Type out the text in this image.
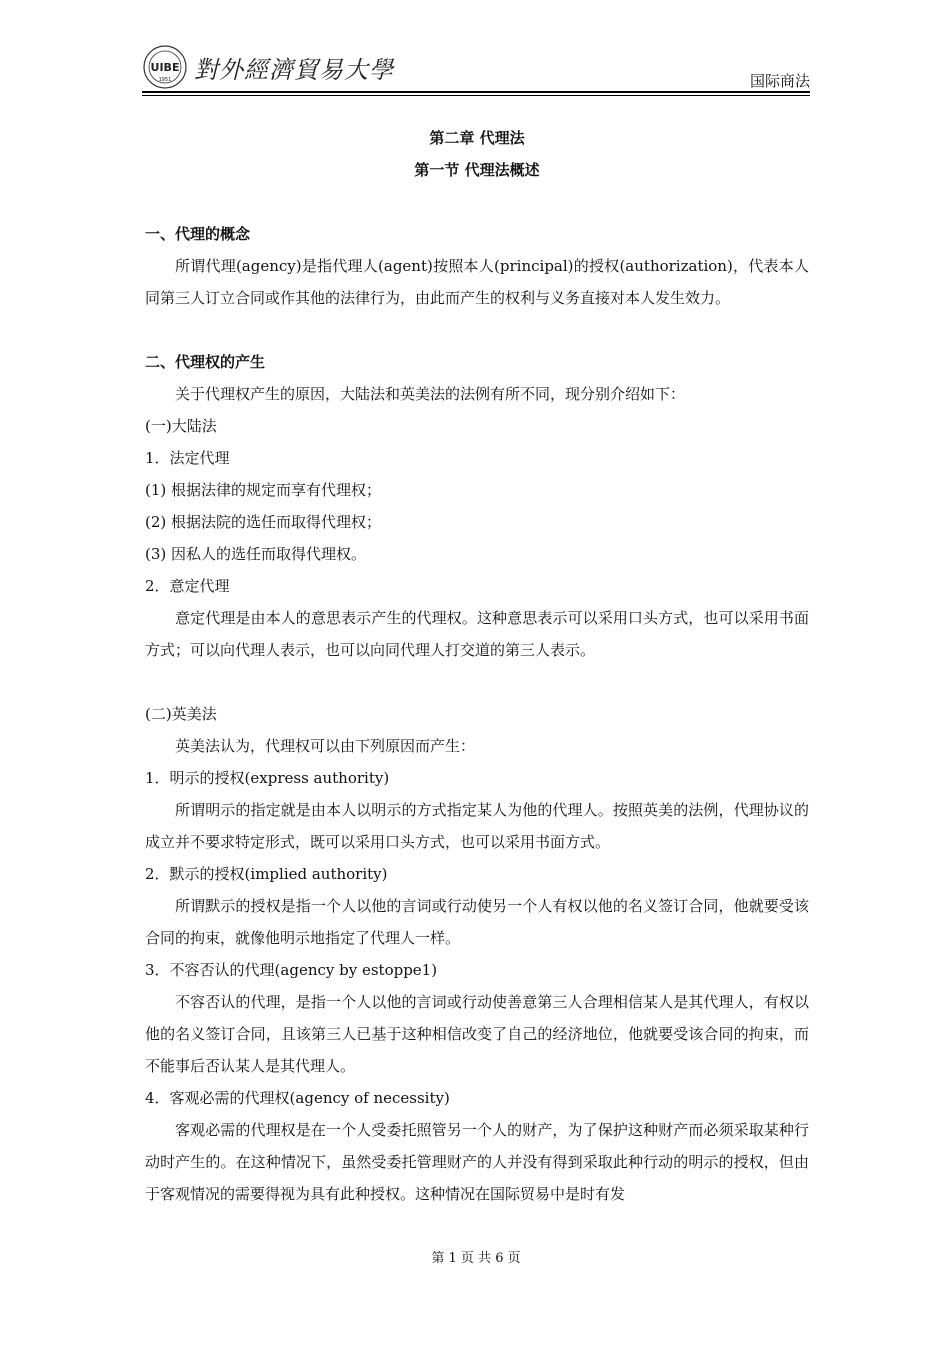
UIBE
1951 對外經濟貿易大學	国际商法
第二章 代理法
第一节 代理法概述
一、代理的概念
所谓代理(agency)是指代理人(agent)按照本人(principal)的授权(authorization)，代表本人同第三人订立合同或作其他的法律行为，由此而产生的权利与义务直接对本人发生效力。
二、代理权的产生
关于代理权产生的原因，大陆法和英美法的法例有所不同，现分别介绍如下：
(一)大陆法
1．法定代理
(1) 根据法律的规定而享有代理权；
(2) 根据法院的选任而取得代理权；
(3) 因私人的选任而取得代理权。
2．意定代理
意定代理是由本人的意思表示产生的代理权。这种意思表示可以采用口头方式，也可以采用书面方式；可以向代理人表示，也可以向同代理人打交道的第三人表示。
(二)英美法
英美法认为，代理权可以由下列原因而产生：
1．明示的授权(express authority)
所谓明示的指定就是由本人以明示的方式指定某人为他的代理人。按照英美的法例，代理协议的成立并不要求特定形式，既可以采用口头方式，也可以采用书面方式。
2．默示的授权(implied authority)
所谓默示的授权是指一个人以他的言词或行动使另一个人有权以他的名义签订合同，他就要受该合同的拘束，就像他明示地指定了代理人一样。
3．不容否认的代理(agency by estoppe1)
不容否认的代理，是指一个人以他的言词或行动使善意第三人合理相信某人是其代理人，有权以他的名义签订合同，且该第三人已基于这种相信改变了自己的经济地位，他就要受该合同的拘束，而不能事后否认某人是其代理人。
4．客观必需的代理权(agency of necessity)
客观必需的代理权是在一个人受委托照管另一个人的财产，为了保护这种财产而必须采取某种行动时产生的。在这种情况下，虽然受委托管理财产的人并没有得到采取此种行动的明示的授权，但由于客观情况的需要得视为具有此种授权。这种情况在国际贸易中是时有发
第 1 页 共 6 页
